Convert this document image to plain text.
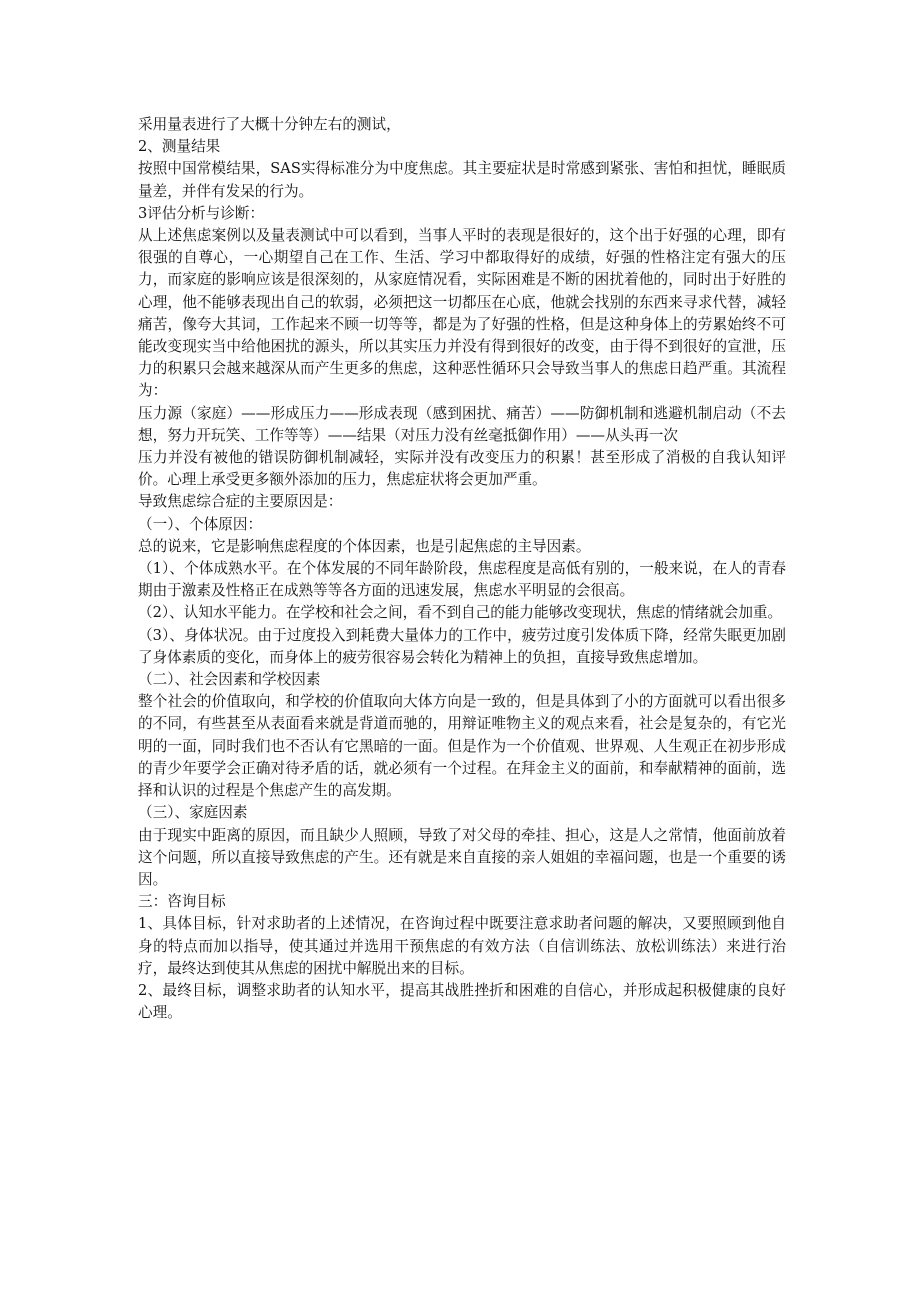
采用量表进行了大概十分钟左右的测试，

2、测量结果

按照中国常模结果，SAS实得标准分为中度焦虑。其主要症状是时常感到紧张、害怕和担忧，睡眠质量差，并伴有发呆的行为。

3评估分析与诊断：

从上述焦虑案例以及量表测试中可以看到，当事人平时的表现是很好的，这个出于好强的心理，即有很强的自尊心，一心期望自己在工作、生活、学习中都取得好的成绩，好强的性格注定有强大的压力，而家庭的影响应该是很深刻的，从家庭情况看，实际困难是不断的困扰着他的，同时出于好胜的心理，他不能够表现出自己的软弱，必须把这一切都压在心底，他就会找别的东西来寻求代替，减轻痛苦，像夸大其词，工作起来不顾一切等等，都是为了好强的性格，但是这种身体上的劳累始终不可能改变现实当中给他困扰的源头，所以其实压力并没有得到很好的改变，由于得不到很好的宣泄，压力的积累只会越来越深从而产生更多的焦虑，这种恶性循环只会导致当事人的焦虑日趋严重。其流程为：

压力源（家庭）——形成压力——形成表现（感到困扰、痛苦）——防御机制和逃避机制启动（不去想，努力开玩笑、工作等等）——结果（对压力没有丝毫抵御作用）——从头再一次

压力并没有被他的错误防御机制减轻，实际并没有改变压力的积累！甚至形成了消极的自我认知评价。心理上承受更多额外添加的压力，焦虑症状将会更加严重。

导致焦虑综合症的主要原因是：

（一）、个体原因：

总的说来，它是影响焦虑程度的个体因素，也是引起焦虑的主导因素。

（1）、个体成熟水平。在个体发展的不同年龄阶段，焦虑程度是高低有别的，一般来说，在人的青春期由于激素及性格正在成熟等等各方面的迅速发展，焦虑水平明显的会很高。

（2）、认知水平能力。在学校和社会之间，看不到自己的能力能够改变现状，焦虑的情绪就会加重。

（3）、身体状况。由于过度投入到耗费大量体力的工作中，疲劳过度引发体质下降，经常失眠更加剧了身体素质的变化，而身体上的疲劳很容易会转化为精神上的负担，直接导致焦虑增加。

（二）、社会因素和学校因素

整个社会的价值取向，和学校的价值取向大体方向是一致的，但是具体到了小的方面就可以看出很多的不同，有些甚至从表面看来就是背道而驰的，用辩证唯物主义的观点来看，社会是复杂的，有它光明的一面，同时我们也不否认有它黑暗的一面。但是作为一个价值观、世界观、人生观正在初步形成的青少年要学会正确对待矛盾的话，就必须有一个过程。在拜金主义的面前，和奉献精神的面前，选择和认识的过程是个焦虑产生的高发期。

（三）、家庭因素

由于现实中距离的原因，而且缺少人照顾，导致了对父母的牵挂、担心，这是人之常情，他面前放着这个问题，所以直接导致焦虑的产生。还有就是来自直接的亲人姐姐的幸福问题，也是一个重要的诱因。

三：咨询目标

1、具体目标，针对求助者的上述情况，在咨询过程中既要注意求助者问题的解决，又要照顾到他自身的特点而加以指导，使其通过并选用干预焦虑的有效方法（自信训练法、放松训练法）来进行治疗，最终达到使其从焦虑的困扰中解脱出来的目标。

2、最终目标，调整求助者的认知水平，提高其战胜挫折和困难的自信心，并形成起积极健康的良好心理。
